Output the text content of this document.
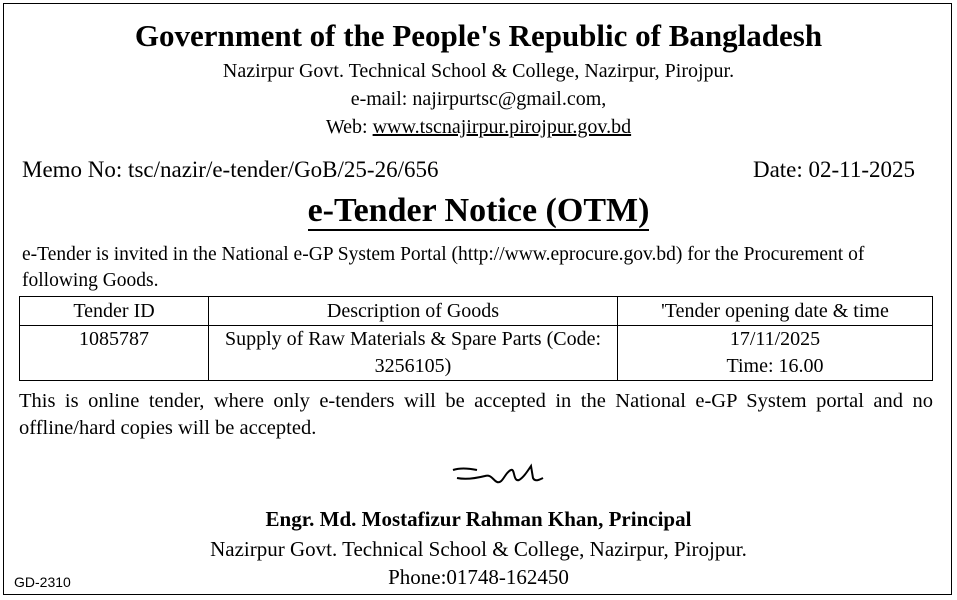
Government of the People's Republic of Bangladesh
Nazirpur Govt. Technical School & College, Nazirpur, Pirojpur.
e-mail: najirpurtsc@gmail.com,
Web: www.tscnajirpur.pirojpur.gov.bd
Memo No: tsc/nazir/e-tender/GoB/25-26/656	Date: 02-11-2025
e-Tender Notice (OTM)
e-Tender is invited in the National e-GP System Portal (http://www.eprocure.gov.bd) for the Procurement of following Goods.
Tender ID	Description of Goods	'Tender opening date & time
1085787	Supply of Raw Materials & Spare Parts (Code: 3256105)	17/11/2025
Time: 16.00
This is online tender, where only e-tenders will be accepted in the National e-GP System portal and no offline/hard copies will be accepted.
Engr. Md. Mostafizur Rahman Khan, Principal
Nazirpur Govt. Technical School & College, Nazirpur, Pirojpur.
Phone:01748-162450
GD-2310
